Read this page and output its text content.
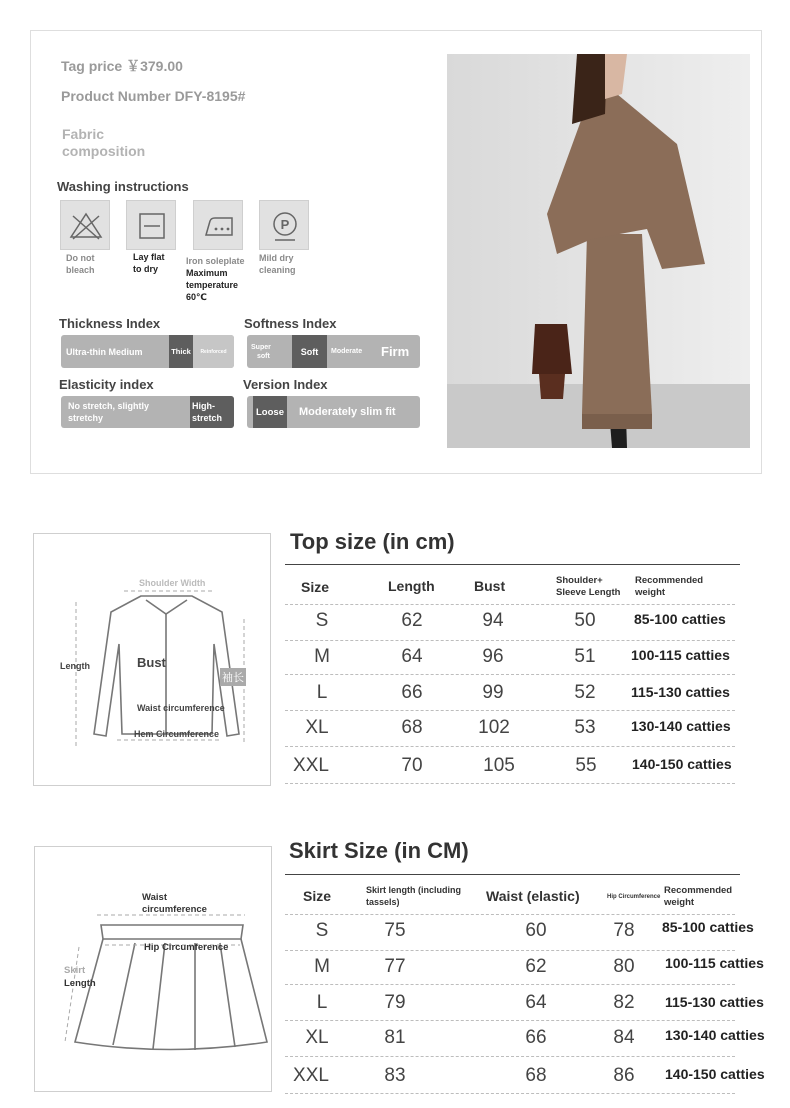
Tag price ￥379.00
Product Number DFY-8195#
Fabric
composition
Washing instructions
P
Do not
bleach
Lay flat
to dry
Iron soleplate
Maximum
temperature
60℃
Mild dry
cleaning
Thickness Index
Ultra-thin Medium	Thick	Reinforced
Softness Index
Super
soft	Soft	Moderate	Firm
Elasticity index
No stretch, slightly
stretchy
High-
stretch
Version Index
Loose Moderately slim fit
Shoulder Width
Length	Bust
袖长
Waist circumference
Hem Circumference
Top size (in cm)
Size	Length	Bust	Shoulder+
Sleeve Length
Recommended
weight
S	62	94	50	85-100 catties
M	64	96	51	100-115 catties
L	66	99	52	115-130 catties
XL	68	102	53	130-140 catties
XXL	70	105	55	140-150 catties
Waist
circumference
Hip Circumference
Skirt
Length
Skirt Size (in CM)
Size	Skirt length (including
tassels)	Waist (elastic)	Hip Circumference
Recommended
weight
S	75	60	78	85-100 catties
M	77	62	80	100-115 catties
L	79	64	82	115-130 catties
XL	81	66	84	130-140 catties
XXL	83	68	86	140-150 catties
